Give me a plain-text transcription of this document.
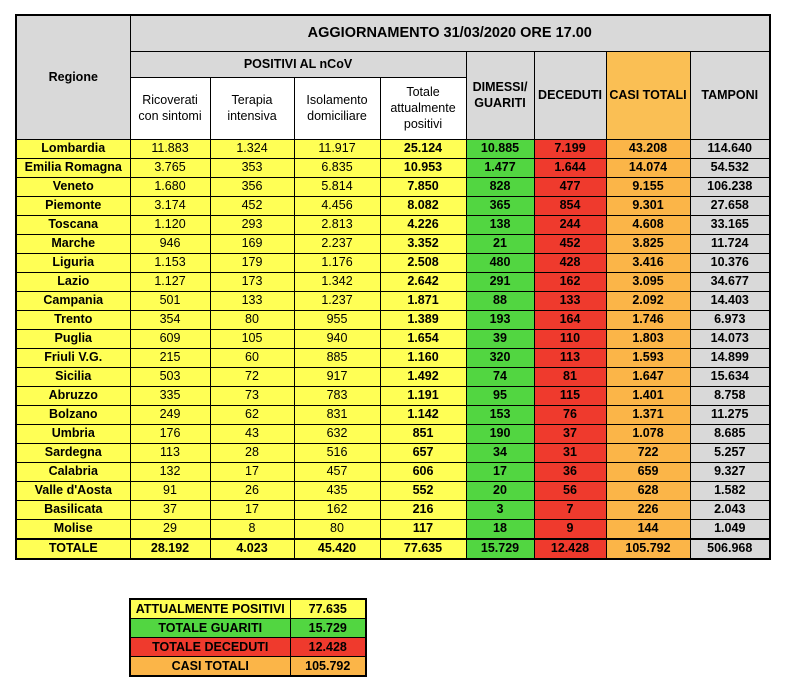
Regione	AGGIORNAMENTO 31/03/2020 ORE 17.00							
	POSITIVI AL nCoV				DIMESSI/ GUARITI	DECEDUTI	CASI TOTALI	TAMPONI
	Ricoverati con sintomi	Terapia intensiva	Isolamento domiciliare	Totale attualmente positivi				
Lombardia	11.883	1.324	11.917	25.124	10.885	7.199	43.208	114.640
Emilia Romagna	3.765	353	6.835	10.953	1.477	1.644	14.074	54.532
Veneto	1.680	356	5.814	7.850	828	477	9.155	106.238
Piemonte	3.174	452	4.456	8.082	365	854	9.301	27.658
Toscana	1.120	293	2.813	4.226	138	244	4.608	33.165
Marche	946	169	2.237	3.352	21	452	3.825	11.724
Liguria	1.153	179	1.176	2.508	480	428	3.416	10.376
Lazio	1.127	173	1.342	2.642	291	162	3.095	34.677
Campania	501	133	1.237	1.871	88	133	2.092	14.403
Trento	354	80	955	1.389	193	164	1.746	6.973
Puglia	609	105	940	1.654	39	110	1.803	14.073
Friuli V.G.	215	60	885	1.160	320	113	1.593	14.899
Sicilia	503	72	917	1.492	74	81	1.647	15.634
Abruzzo	335	73	783	1.191	95	115	1.401	8.758
Bolzano	249	62	831	1.142	153	76	1.371	11.275
Umbria	176	43	632	851	190	37	1.078	8.685
Sardegna	113	28	516	657	34	31	722	5.257
Calabria	132	17	457	606	17	36	659	9.327
Valle d'Aosta	91	26	435	552	20	56	628	1.582
Basilicata	37	17	162	216	3	7	226	2.043
Molise	29	8	80	117	18	9	144	1.049
TOTALE	28.192	4.023	45.420	77.635	15.729	12.428	105.792	506.968
ATTUALMENTE POSITIVI	77.635
TOTALE GUARITI	15.729
TOTALE DECEDUTI	12.428
CASI TOTALI	105.792
